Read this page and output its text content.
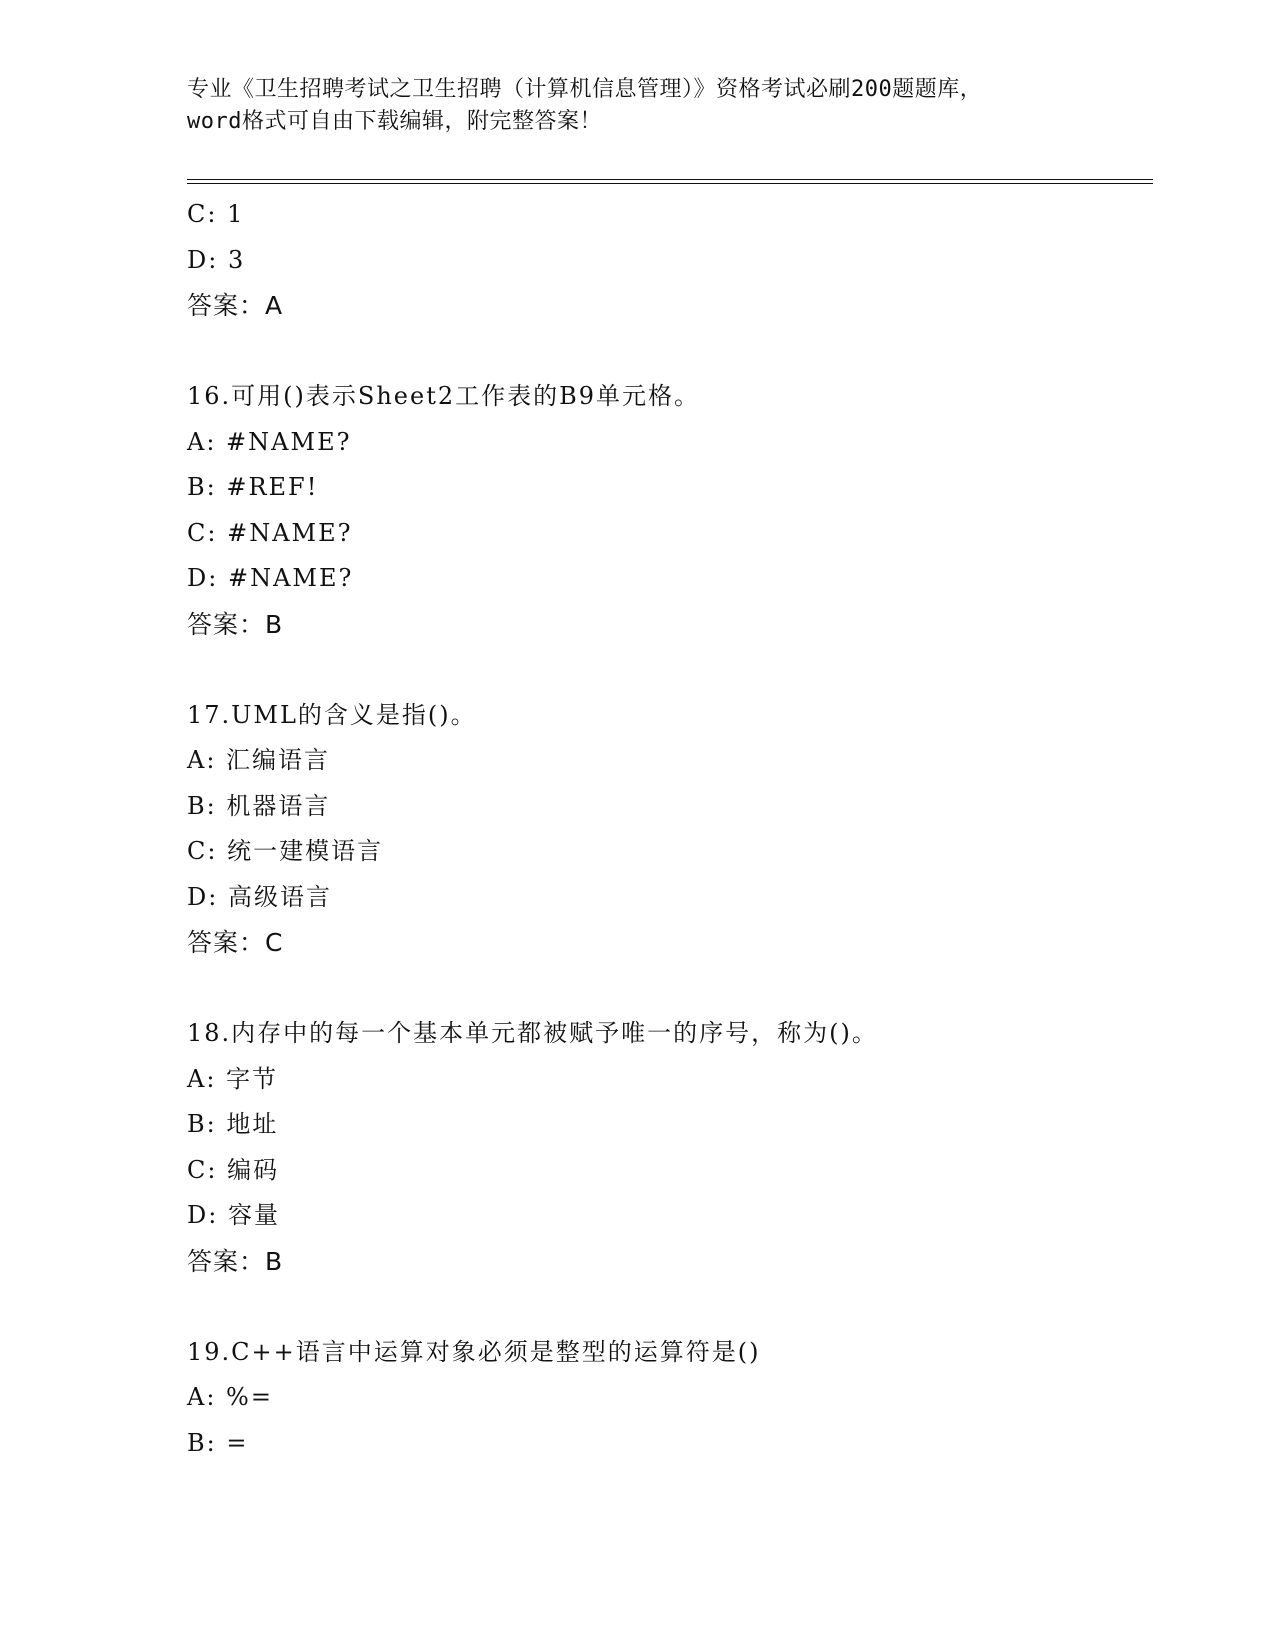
专业《卫生招聘考试之卫生招聘（计算机信息管理）》资格考试必刷200题题库，
word格式可自由下载编辑，附完整答案！
C: 1
D: 3
答案：A
16.可用()表示Sheet2工作表的B9单元格。
A: #NAME?
B: #REF!
C: #NAME?
D: #NAME?
答案：B
17.UML的含义是指()。
A: 汇编语言
B: 机器语言
C: 统一建模语言
D: 高级语言
答案：C
18.内存中的每一个基本单元都被赋予唯一的序号，称为()。
A: 字节
B: 地址
C: 编码
D: 容量
答案：B
19.C++语言中运算对象必须是整型的运算符是()
A: %=
B: =
